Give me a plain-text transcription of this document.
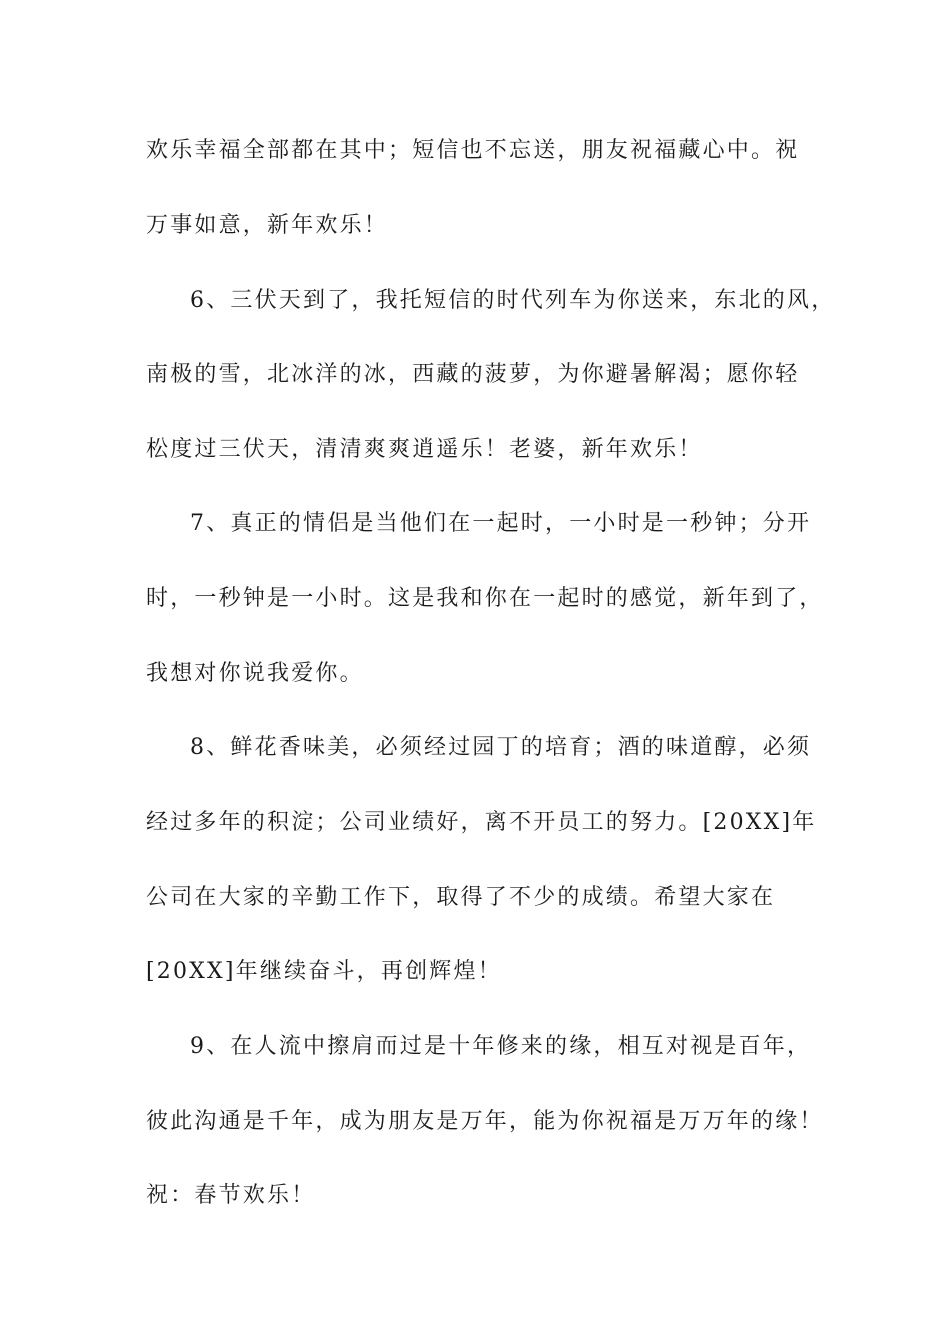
欢乐幸福全部都在其中；短信也不忘送，朋友祝福藏心中。祝
万事如意，新年欢乐！
6、三伏天到了，我托短信的时代列车为你送来，东北的风，
南极的雪，北冰洋的冰，西藏的菠萝，为你避暑解渴；愿你轻
松度过三伏天，清清爽爽逍遥乐！老婆，新年欢乐！
7、真正的情侣是当他们在一起时，一小时是一秒钟；分开
时，一秒钟是一小时。这是我和你在一起时的感觉，新年到了，
我想对你说我爱你。
8、鲜花香味美，必须经过园丁的培育；酒的味道醇，必须
经过多年的积淀；公司业绩好，离不开员工的努力。[20XX]年
公司在大家的辛勤工作下，取得了不少的成绩。希望大家在
[20XX]年继续奋斗，再创辉煌！
9、在人流中擦肩而过是十年修来的缘，相互对视是百年，
彼此沟通是千年，成为朋友是万年，能为你祝福是万万年的缘！
祝：春节欢乐！
